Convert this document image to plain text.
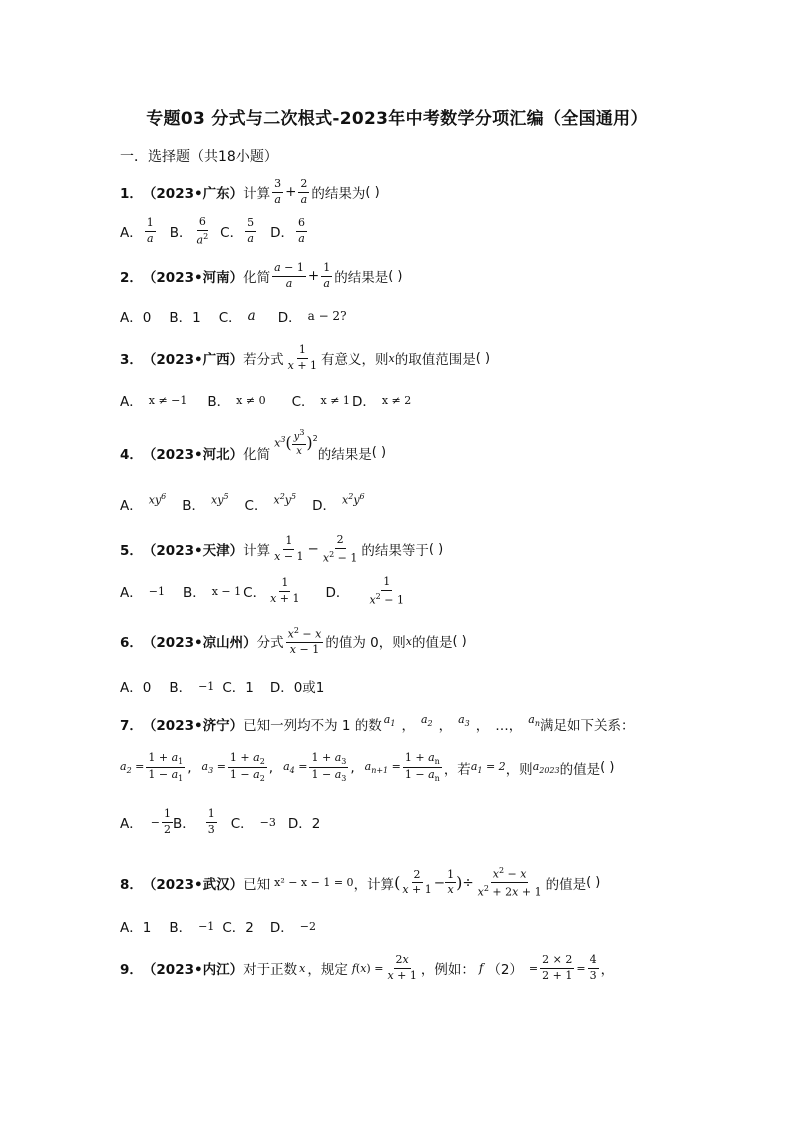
专题03 分式与二次根式-2023年中考数学分项汇编（全国通用）
一．选择题（共18小题）
1． （2023•广东） 计算
3
$a + \frac{2}{a}$ 的结果为 ( )
A．
1
a B．
6
$a^2$ C．
5
a D．
6
a
2． （2023•河南） 化简
a − 1
$a + \frac{1}{a}$ 的结果是 ( )
A．0 B．1 C． a D． a − 2?
3． （2023•广西） 若分式
1
x + 1 有意义，则 x 的取值范围是 ( )
A． x ≠ −1 B． x ≠ 0 C． x ≠ 1 D． x ≠ 2
4． （2023•河北） 化简
$x^3$ ( $y^3$
x ) 2
的结果是 ( )
A． $xy^6$
B． $xy^5$
C． $x^2y^5$
D． $x^2y^6$
5． （2023•天津） 计算
1
$x - 1 - \frac{2}{x^2 - 1}$ 的结果等于 ( )
A． −1 B． x − 1 C．
1
x + 1 D．
1
$x^2 - 1$
6． （2023•凉山州） 分式
$x^2 - x$
x − 1 的值为 0，则 x 的值是 ( )
A．0 B． −1 C．1 D．0或1
7． （2023•济宁） 已知一列均不为 1 的数 $a_1$ ， $a_2$ ， $a_3$ ， …， $a_n$ 满足如下关系：
$a_2 = \frac{1 + a_1}{1 - a_1}$ , $a_3 = \frac{1 + a_2}{1 - a_2}$ , $a_4 = \frac{1 + a_3}{1 - a_3}$ , $a_{n+1} = \frac{1 + a_n}{1 - a_n}$ ，若 $a_1 = 2$ ，则 $a_{2023}$ 的值是 ( )
A． − $\frac{1}{2}$ B．
1
3 C． −3 D．2
8． （2023•武汉） 已知 x² − x − 1 = 0 ，计算 ( 2
$x + 1 - \frac{1}{x}$ ) ÷ $\frac{x^2 - x}{x^2 + 2x + 1}$ 的值是 ( )
A．1 B． −1 C．2 D． −2
9． （2023•内江） 对于正数 x ，规定 $f(x) = \frac{2x}{x + 1}$ ，例如： f $(2) = \frac{2 \times 2}{2 + 1} = \frac{4}{3}$ ，
